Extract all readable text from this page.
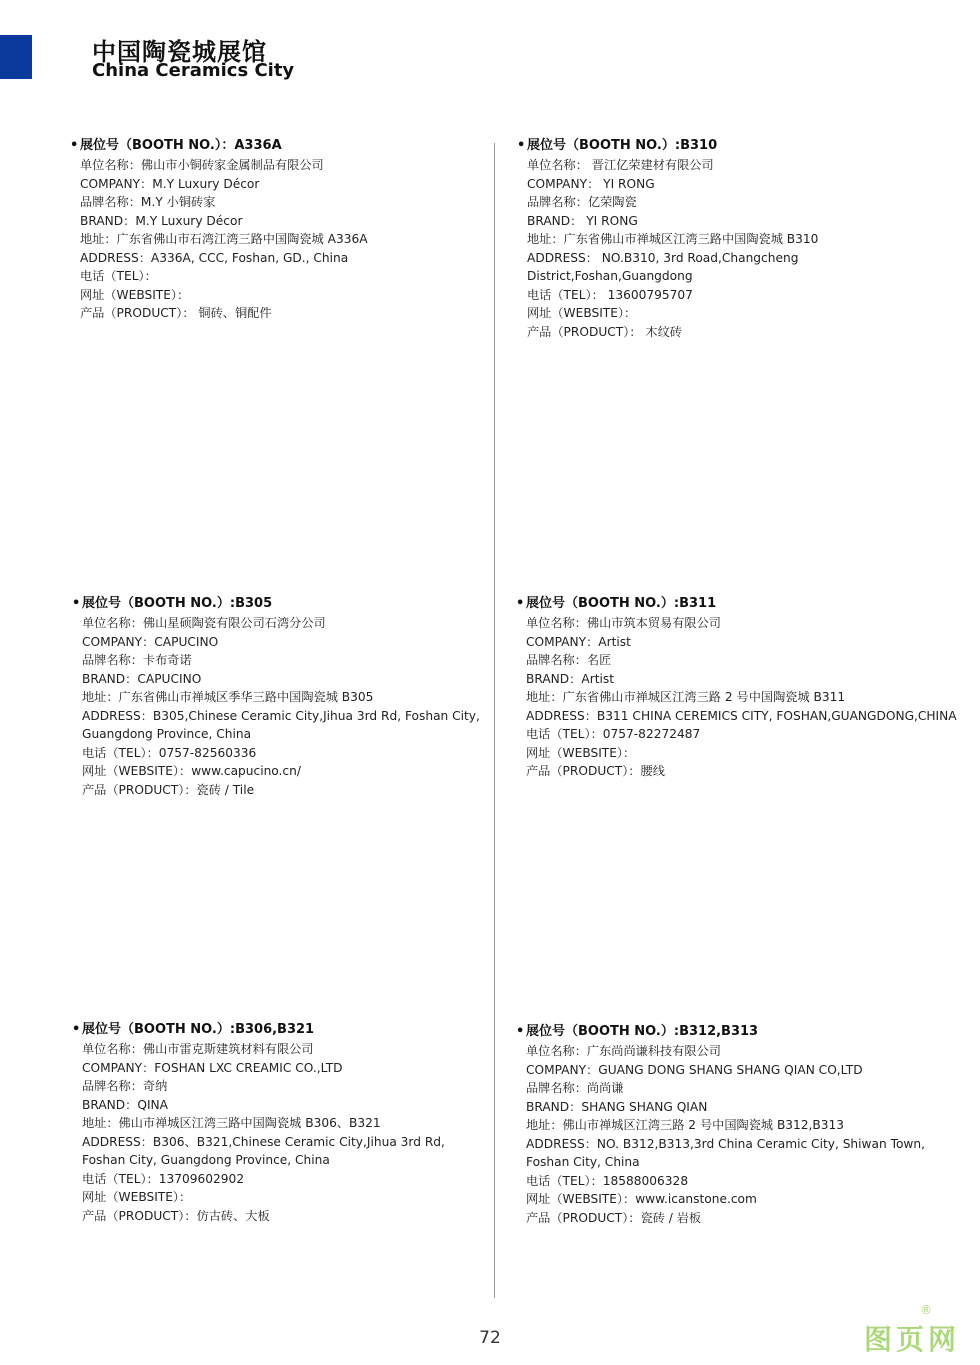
中国陶瓷城展馆
China Ceramics City
• 展位号（BOOTH NO.）：A336A
单位名称：佛山市小铜砖家金属制品有限公司
COMPANY：M.Y Luxury Décor
品牌名称：M.Y 小铜砖家
BRAND：M.Y Luxury Décor
地址：广东省佛山市石湾江湾三路中国陶瓷城 A336A
ADDRESS：A336A, CCC, Foshan, GD., China
电话（TEL）：
网址（WEBSITE）：
产品（PRODUCT）： 铜砖、铜配件
• 展位号（BOOTH NO.）:B310
单位名称： 晋江亿荣建材有限公司
COMPANY： YI RONG
品牌名称：亿荣陶瓷
BRAND： YI RONG
地址：广东省佛山市禅城区江湾三路中国陶瓷城 B310
ADDRESS： NO.B310, 3rd Road,Changcheng
District,Foshan,Guangdong
电话（TEL）： 13600795707
网址（WEBSITE）：
产品（PRODUCT）： 木纹砖
• 展位号（BOOTH NO.）:B305
单位名称：佛山星硕陶瓷有限公司石湾分公司
COMPANY：CAPUCINO
品牌名称：卡布奇诺
BRAND：CAPUCINO
地址：广东省佛山市禅城区季华三路中国陶瓷城 B305
ADDRESS：B305,Chinese Ceramic City,Jihua 3rd Rd, Foshan City,
Guangdong Province, China
电话（TEL）：0757-82560336
网址（WEBSITE）：www.capucino.cn/
产品（PRODUCT）：瓷砖 / Tile
• 展位号（BOOTH NO.）:B311
单位名称：佛山市筑本贸易有限公司
COMPANY：Artist
品牌名称：名匠
BRAND：Artist
地址：广东省佛山市禅城区江湾三路 2 号中国陶瓷城 B311
ADDRESS：B311 CHINA CEREMICS CITY, FOSHAN,GUANGDONG,CHINA
电话（TEL）：0757-82272487
网址（WEBSITE）：
产品（PRODUCT）：腰线
• 展位号（BOOTH NO.）:B306,B321
单位名称：佛山市雷克斯建筑材料有限公司
COMPANY：FOSHAN LXC CREAMIC CO.,LTD
品牌名称：奇纳
BRAND：QINA
地址：佛山市禅城区江湾三路中国陶瓷城 B306、B321
ADDRESS：B306、B321,Chinese Ceramic City,Jihua 3rd Rd,
Foshan City, Guangdong Province, China
电话（TEL）：13709602902
网址（WEBSITE）：
产品（PRODUCT）：仿古砖、大板
• 展位号（BOOTH NO.）:B312,B313
单位名称：广东尚尚谦科技有限公司
COMPANY：GUANG DONG SHANG SHANG QIAN CO,LTD
品牌名称：尚尚谦
BRAND：SHANG SHANG QIAN
地址：佛山市禅城区江湾三路 2 号中国陶瓷城 B312,B313
ADDRESS：NO. B312,B313,3rd China Ceramic City, Shiwan Town,
Foshan City, China
电话（TEL）：18588006328
网址（WEBSITE）：www.icanstone.com
产品（PRODUCT）：瓷砖 / 岩板
72
®
图页网
